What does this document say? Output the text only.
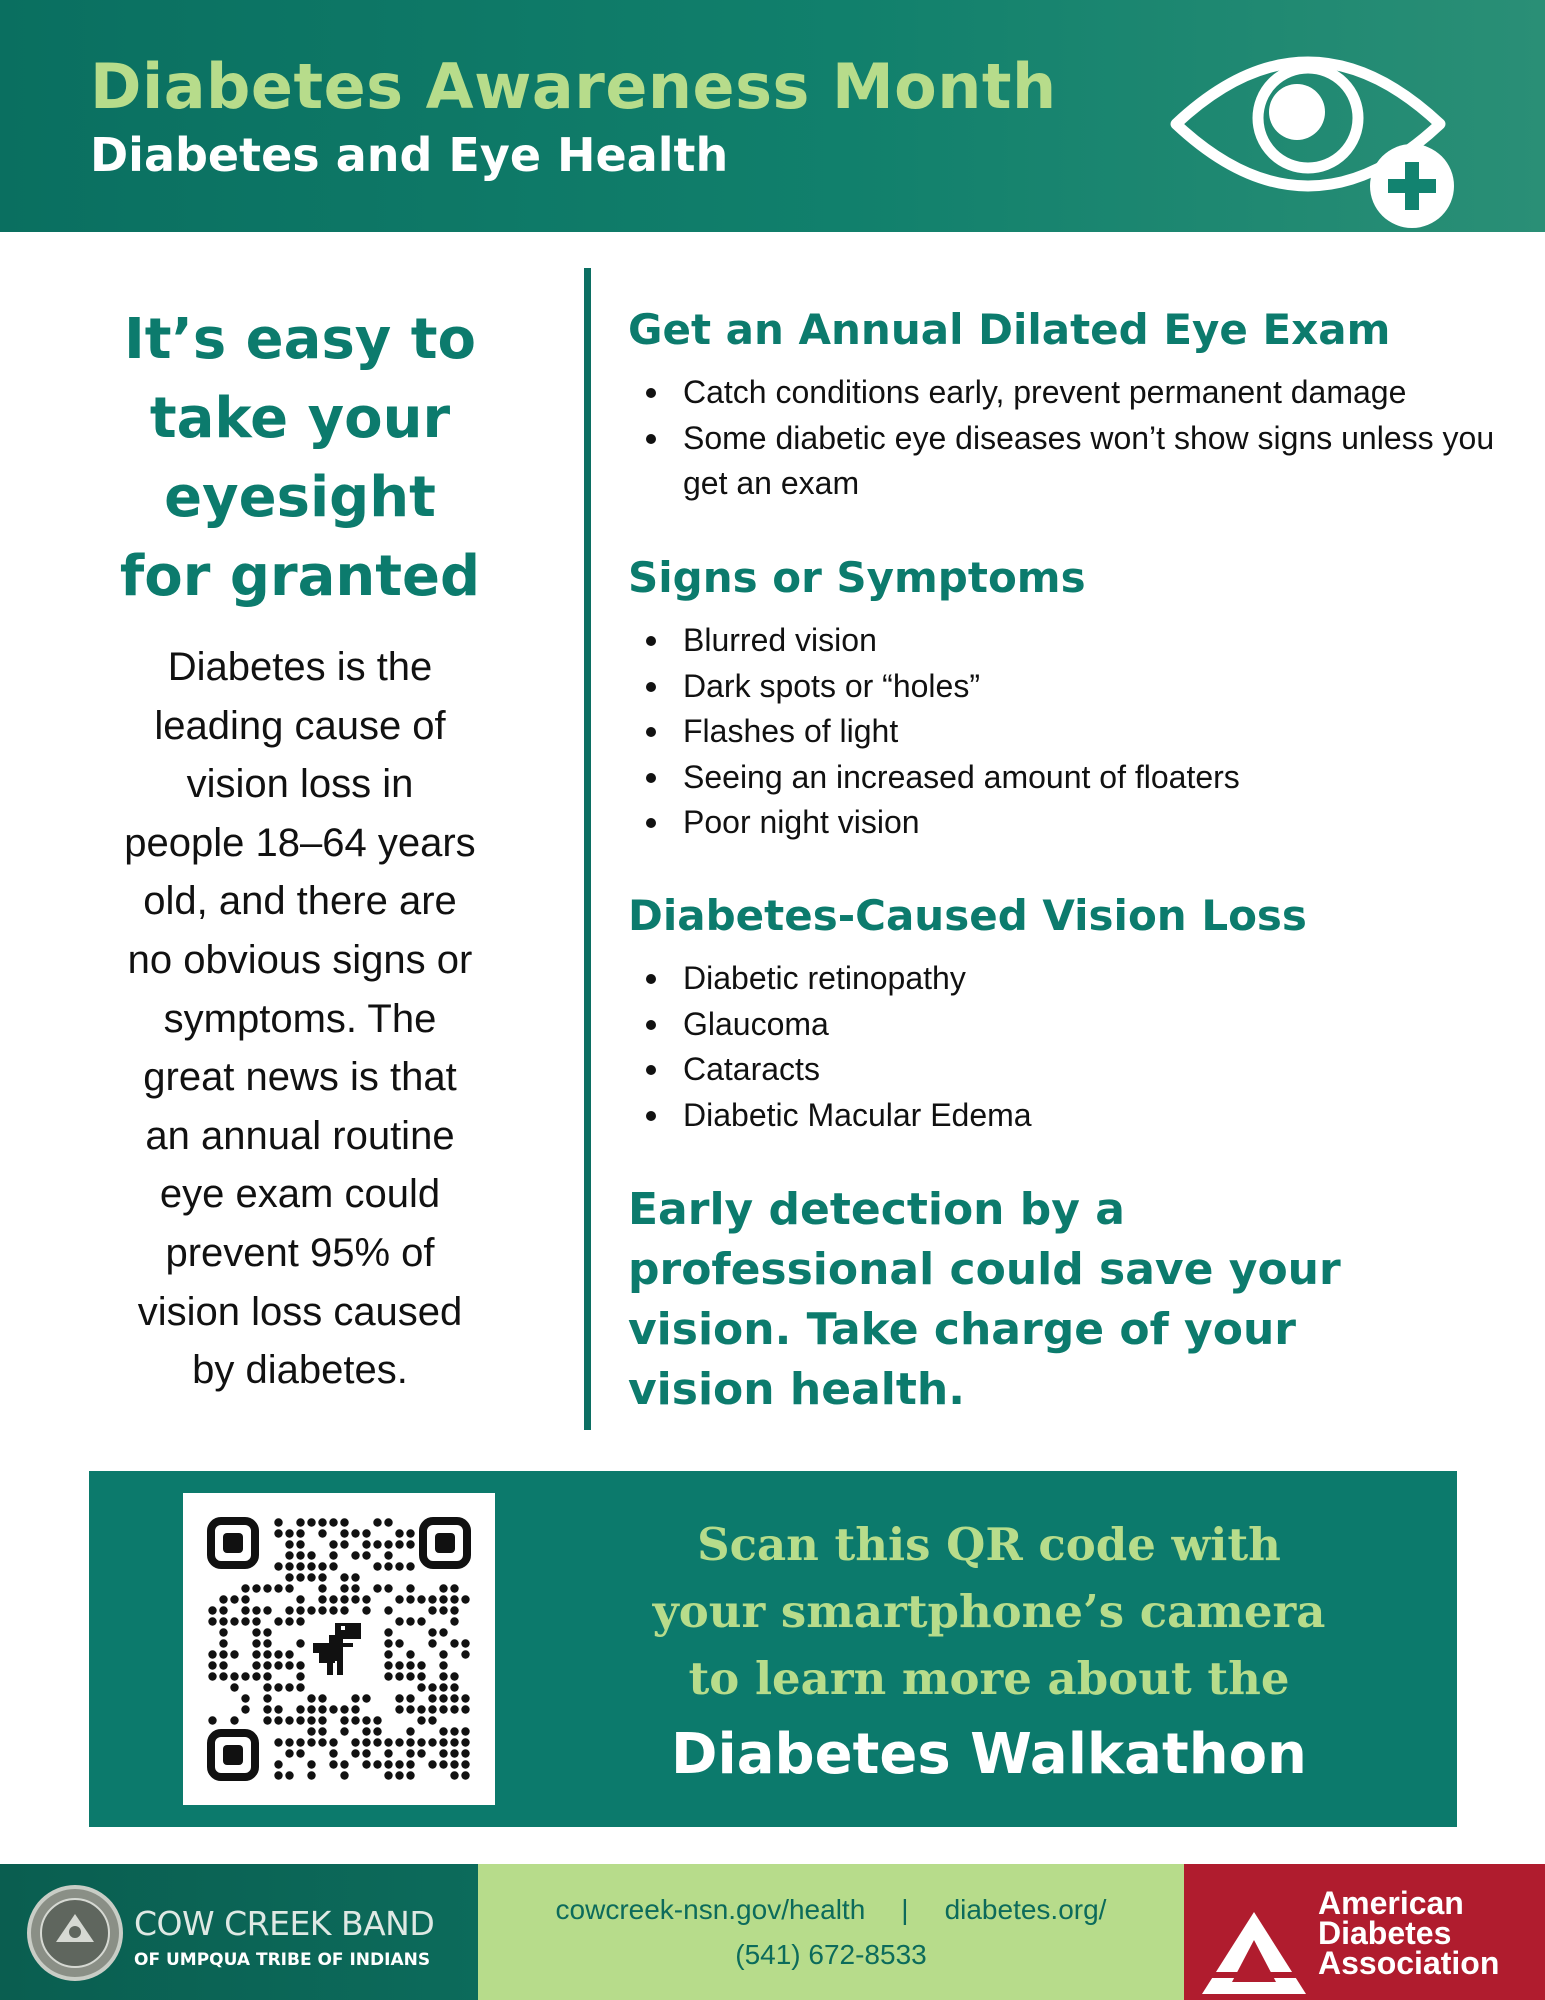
Diabetes Awareness Month
Diabetes and Eye Health
It’s easy to
take your
eyesight
for granted
Diabetes is the
leading cause of
vision loss in
people 18–64 years
old, and there are
no obvious signs or
symptoms. The
great news is that
an annual routine
eye exam could
prevent 95% of
vision loss caused
by diabetes.
Get an Annual Dilated Eye Exam
Catch conditions early, prevent permanent damage
Some diabetic eye diseases won’t show signs unless you get an exam
Signs or Symptoms
Blurred vision
Dark spots or “holes”
Flashes of light
Seeing an increased amount of floaters
Poor night vision
Diabetes-Caused Vision Loss
Diabetic retinopathy
Glaucoma
Cataracts
Diabetic Macular Edema
Early detection by a
professional could save your
vision. Take charge of your
vision health.
Scan this QR code with
your smartphone’s camera
to learn more about the
Diabetes Walkathon
COW CREEK BAND
OF UMPQUA TRIBE OF INDIANS
cowcreek-nsn.gov/health | diabetes.org/
(541) 672-8533
American
Diabetes
Association
